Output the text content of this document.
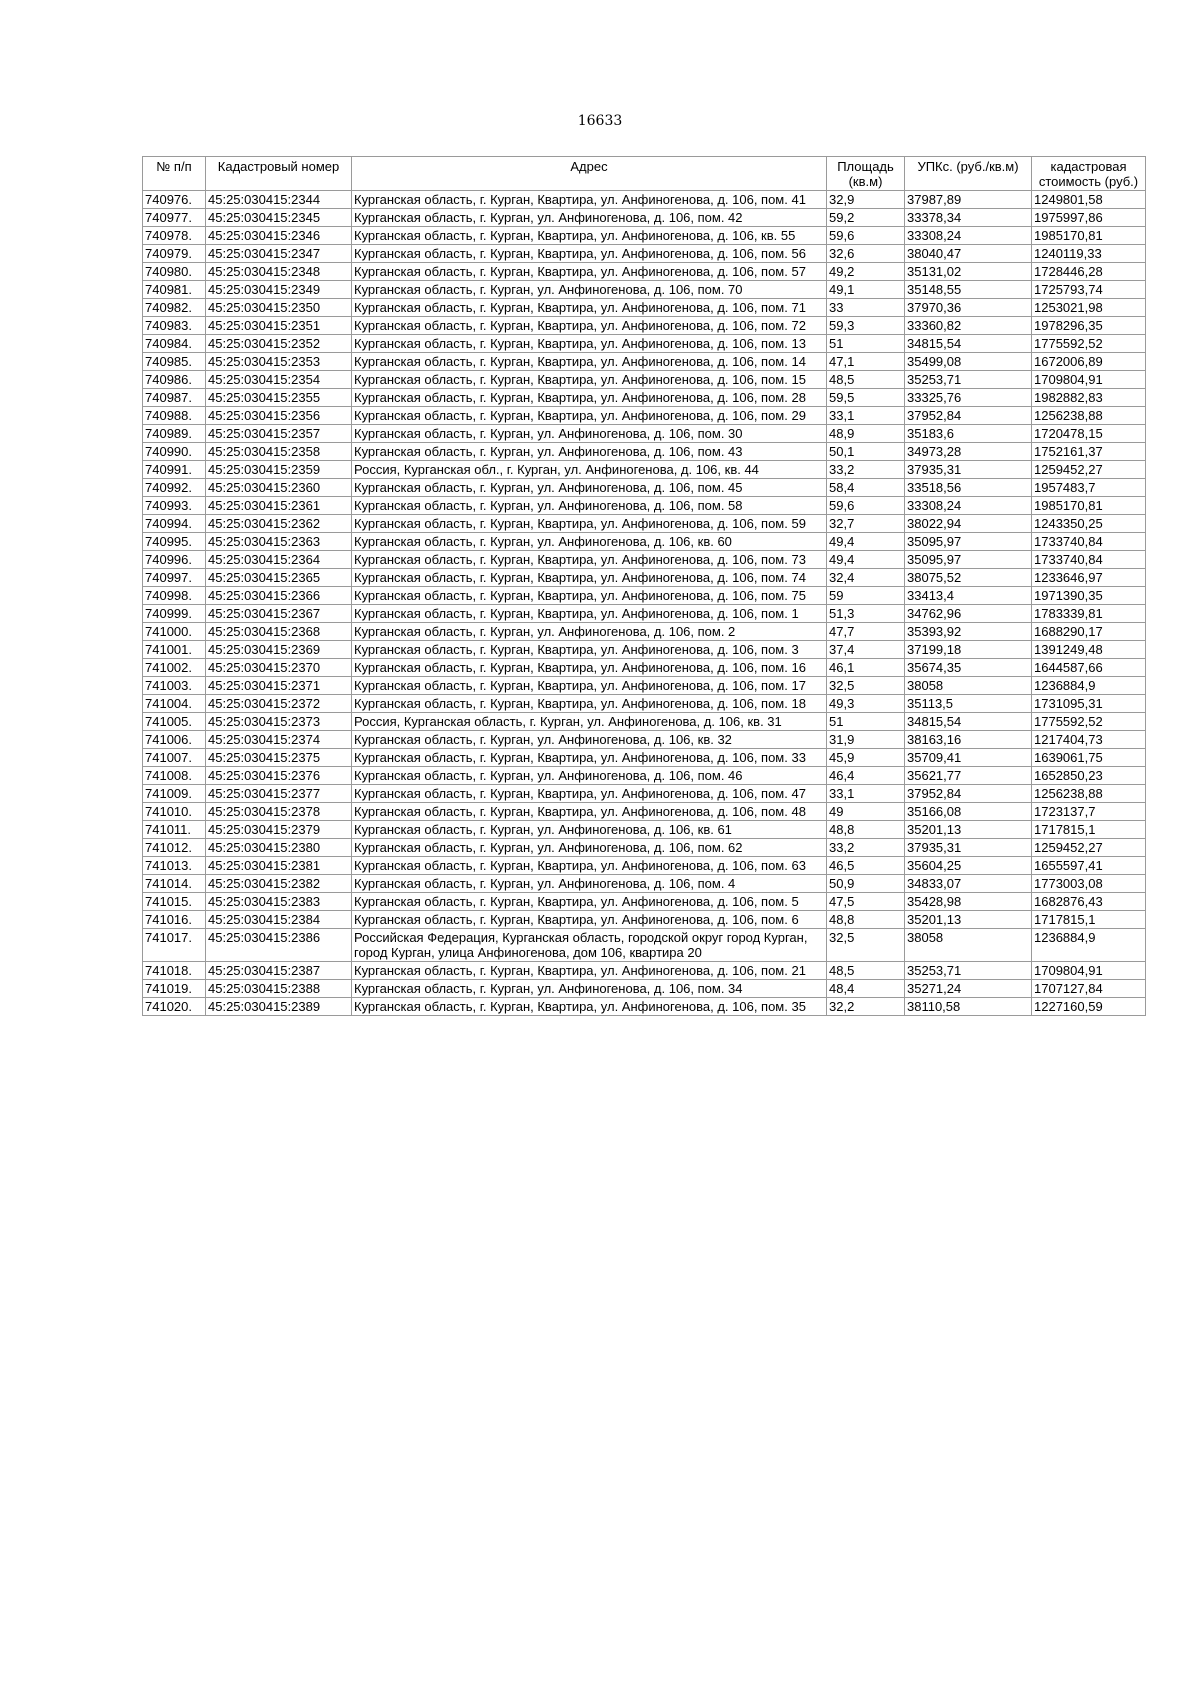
16633
№ п/п	Кадастровый номер	Адрес	Площадь (кв.м)	УПКс. (руб./кв.м)	кадастровая стоимость (руб.)
740976.	45:25:030415:2344	Курганская область, г. Курган, Квартира, ул. Анфиногенова, д. 106, пом. 41	32,9	37987,89	1249801,58
740977.	45:25:030415:2345	Курганская область, г. Курган, ул. Анфиногенова, д. 106, пом. 42	59,2	33378,34	1975997,86
740978.	45:25:030415:2346	Курганская область, г. Курган, Квартира, ул. Анфиногенова, д. 106, кв. 55	59,6	33308,24	1985170,81
740979.	45:25:030415:2347	Курганская область, г. Курган, Квартира, ул. Анфиногенова, д. 106, пом. 56	32,6	38040,47	1240119,33
740980.	45:25:030415:2348	Курганская область, г. Курган, Квартира, ул. Анфиногенова, д. 106, пом. 57	49,2	35131,02	1728446,28
740981.	45:25:030415:2349	Курганская область, г. Курган, ул. Анфиногенова, д. 106, пом. 70	49,1	35148,55	1725793,74
740982.	45:25:030415:2350	Курганская область, г. Курган, Квартира, ул. Анфиногенова, д. 106, пом. 71	33	37970,36	1253021,98
740983.	45:25:030415:2351	Курганская область, г. Курган, Квартира, ул. Анфиногенова, д. 106, пом. 72	59,3	33360,82	1978296,35
740984.	45:25:030415:2352	Курганская область, г. Курган, Квартира, ул. Анфиногенова, д. 106, пом. 13	51	34815,54	1775592,52
740985.	45:25:030415:2353	Курганская область, г. Курган, Квартира, ул. Анфиногенова, д. 106, пом. 14	47,1	35499,08	1672006,89
740986.	45:25:030415:2354	Курганская область, г. Курган, Квартира, ул. Анфиногенова, д. 106, пом. 15	48,5	35253,71	1709804,91
740987.	45:25:030415:2355	Курганская область, г. Курган, Квартира, ул. Анфиногенова, д. 106, пом. 28	59,5	33325,76	1982882,83
740988.	45:25:030415:2356	Курганская область, г. Курган, Квартира, ул. Анфиногенова, д. 106, пом. 29	33,1	37952,84	1256238,88
740989.	45:25:030415:2357	Курганская область, г. Курган, ул. Анфиногенова, д. 106, пом. 30	48,9	35183,6	1720478,15
740990.	45:25:030415:2358	Курганская область, г. Курган, ул. Анфиногенова, д. 106, пом. 43	50,1	34973,28	1752161,37
740991.	45:25:030415:2359	Россия, Курганская обл., г. Курган, ул. Анфиногенова, д. 106, кв. 44	33,2	37935,31	1259452,27
740992.	45:25:030415:2360	Курганская область, г. Курган, ул. Анфиногенова, д. 106, пом. 45	58,4	33518,56	1957483,7
740993.	45:25:030415:2361	Курганская область, г. Курган, ул. Анфиногенова, д. 106, пом. 58	59,6	33308,24	1985170,81
740994.	45:25:030415:2362	Курганская область, г. Курган, Квартира, ул. Анфиногенова, д. 106, пом. 59	32,7	38022,94	1243350,25
740995.	45:25:030415:2363	Курганская область, г. Курган, ул. Анфиногенова, д. 106, кв. 60	49,4	35095,97	1733740,84
740996.	45:25:030415:2364	Курганская область, г. Курган, Квартира, ул. Анфиногенова, д. 106, пом. 73	49,4	35095,97	1733740,84
740997.	45:25:030415:2365	Курганская область, г. Курган, Квартира, ул. Анфиногенова, д. 106, пом. 74	32,4	38075,52	1233646,97
740998.	45:25:030415:2366	Курганская область, г. Курган, Квартира, ул. Анфиногенова, д. 106, пом. 75	59	33413,4	1971390,35
740999.	45:25:030415:2367	Курганская область, г. Курган, Квартира, ул. Анфиногенова, д. 106, пом. 1	51,3	34762,96	1783339,81
741000.	45:25:030415:2368	Курганская область, г. Курган, ул. Анфиногенова, д. 106, пом. 2	47,7	35393,92	1688290,17
741001.	45:25:030415:2369	Курганская область, г. Курган, Квартира, ул. Анфиногенова, д. 106, пом. 3	37,4	37199,18	1391249,48
741002.	45:25:030415:2370	Курганская область, г. Курган, Квартира, ул. Анфиногенова, д. 106, пом. 16	46,1	35674,35	1644587,66
741003.	45:25:030415:2371	Курганская область, г. Курган, Квартира, ул. Анфиногенова, д. 106, пом. 17	32,5	38058	1236884,9
741004.	45:25:030415:2372	Курганская область, г. Курган, Квартира, ул. Анфиногенова, д. 106, пом. 18	49,3	35113,5	1731095,31
741005.	45:25:030415:2373	Россия, Курганская область, г. Курган, ул. Анфиногенова, д. 106, кв. 31	51	34815,54	1775592,52
741006.	45:25:030415:2374	Курганская область, г. Курган, ул. Анфиногенова, д. 106, кв. 32	31,9	38163,16	1217404,73
741007.	45:25:030415:2375	Курганская область, г. Курган, Квартира, ул. Анфиногенова, д. 106, пом. 33	45,9	35709,41	1639061,75
741008.	45:25:030415:2376	Курганская область, г. Курган, ул. Анфиногенова, д. 106, пом. 46	46,4	35621,77	1652850,23
741009.	45:25:030415:2377	Курганская область, г. Курган, Квартира, ул. Анфиногенова, д. 106, пом. 47	33,1	37952,84	1256238,88
741010.	45:25:030415:2378	Курганская область, г. Курган, Квартира, ул. Анфиногенова, д. 106, пом. 48	49	35166,08	1723137,7
741011.	45:25:030415:2379	Курганская область, г. Курган, ул. Анфиногенова, д. 106, кв. 61	48,8	35201,13	1717815,1
741012.	45:25:030415:2380	Курганская область, г. Курган, ул. Анфиногенова, д. 106, пом. 62	33,2	37935,31	1259452,27
741013.	45:25:030415:2381	Курганская область, г. Курган, Квартира, ул. Анфиногенова, д. 106, пом. 63	46,5	35604,25	1655597,41
741014.	45:25:030415:2382	Курганская область, г. Курган, ул. Анфиногенова, д. 106, пом. 4	50,9	34833,07	1773003,08
741015.	45:25:030415:2383	Курганская область, г. Курган, Квартира, ул. Анфиногенова, д. 106, пом. 5	47,5	35428,98	1682876,43
741016.	45:25:030415:2384	Курганская область, г. Курган, Квартира, ул. Анфиногенова, д. 106, пом. 6	48,8	35201,13	1717815,1
741017.	45:25:030415:2386	Российская Федерация, Курганская область, городской округ город Курган, город Курган, улица Анфиногенова, дом 106, квартира 20	32,5	38058	1236884,9
741018.	45:25:030415:2387	Курганская область, г. Курган, Квартира, ул. Анфиногенова, д. 106, пом. 21	48,5	35253,71	1709804,91
741019.	45:25:030415:2388	Курганская область, г. Курган, ул. Анфиногенова, д. 106, пом. 34	48,4	35271,24	1707127,84
741020.	45:25:030415:2389	Курганская область, г. Курган, Квартира, ул. Анфиногенова, д. 106, пом. 35	32,2	38110,58	1227160,59
